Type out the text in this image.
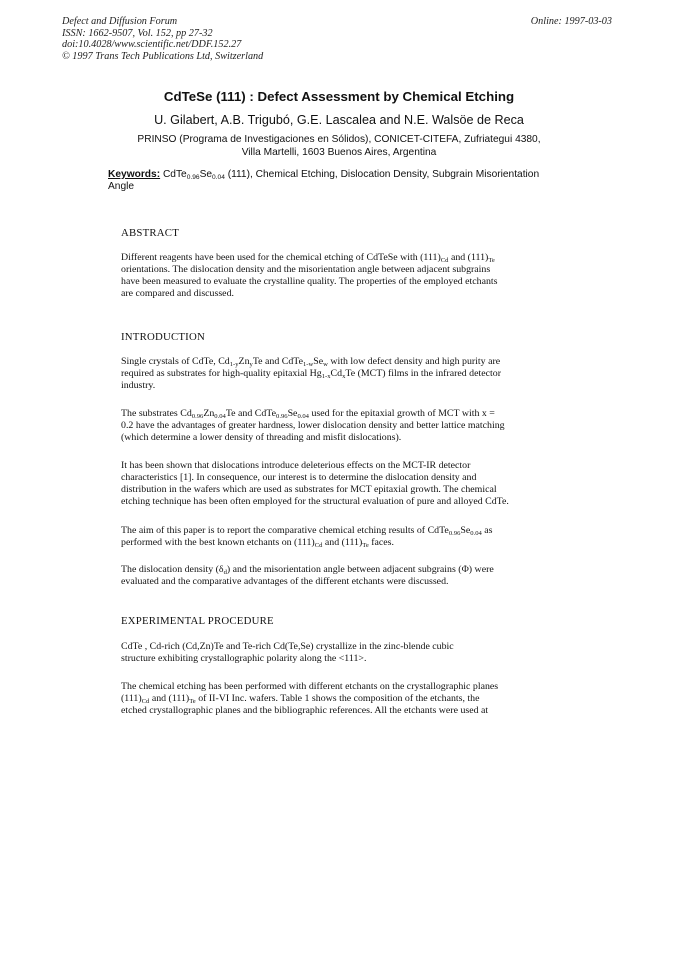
Defect and Diffusion Forum
ISSN: 1662-9507, Vol. 152, pp 27-32
doi:10.4028/www.scientific.net/DDF.152.27
© 1997 Trans Tech Publications Ltd, Switzerland
Online: 1997-03-03
CdTeSe (111) : Defect Assessment by Chemical Etching
U. Gilabert, A.B. Trigubó, G.E. Lascalea and N.E. Walsöe de Reca
PRINSO (Programa de Investigaciones en Sólidos), CONICET-CITEFA, Zufriategui 4380,
Villa Martelli, 1603 Buenos Aires, Argentina
Keywords: $CdTe_{0.96}Se_{0.04}$ (111), Chemical Etching, Dislocation Density, Subgrain Misorientation
Angle
ABSTRACT
Different reagents have been used for the chemical etching of CdTeSe with $(111)_{Cd}$ and $(111)_{Te}$
orientations. The dislocation density and the misorientation angle between adjacent subgrains
have been measured to evaluate the crystalline quality. The properties of the employed etchants
are compared and discussed.
INTRODUCTION
Single crystals of CdTe, $Cd_{1-y}Zn_yTe$ and $CdTe_{1-w}Se_w$ with low defect density and high purity are
required as substrates for high-quality epitaxial $Hg_{1-x}Cd_xTe$ (MCT) films in the infrared detector
industry.
The substrates $Cd_{0.96}Zn_{0.04}Te$ and $CdTe_{0.96}Se_{0.04}$ used for the epitaxial growth of MCT with x =
0.2 have the advantages of greater hardness, lower dislocation density and better lattice matching
(which determine a lower density of threading and misfit dislocations).
It has been shown that dislocations introduce deleterious effects on the MCT-IR detector
characteristics [1]. In consequence, our interest is to determine the dislocation density and
distribution in the wafers which are used as substrates for MCT epitaxial growth. The chemical
etching technique has been often employed for the structural evaluation of pure and alloyed CdTe.
The aim of this paper is to report the comparative chemical etching results of $CdTe_{0.96}Se_{0.04}$ as
performed with the best known etchants on $(111)_{Cd}$ and $(111)_{Te}$ faces.
The dislocation density $(\delta_d)$ and the misorientation angle between adjacent subgrains (Φ) were
evaluated and the comparative advantages of the different etchants were discussed.
EXPERIMENTAL PROCEDURE
CdTe , Cd-rich (Cd,Zn)Te and Te-rich Cd(Te,Se) crystallize in the zinc-blende cubic
structure exhibiting crystallographic polarity along the <111>.
The chemical etching has been performed with different etchants on the crystallographic planes
$(111)_{Cd}$ and $(111)_{Te}$ of II-VI Inc. wafers. Table 1 shows the composition of the etchants, the
etched crystallographic planes and the bibliographic references. All the etchants were used at
